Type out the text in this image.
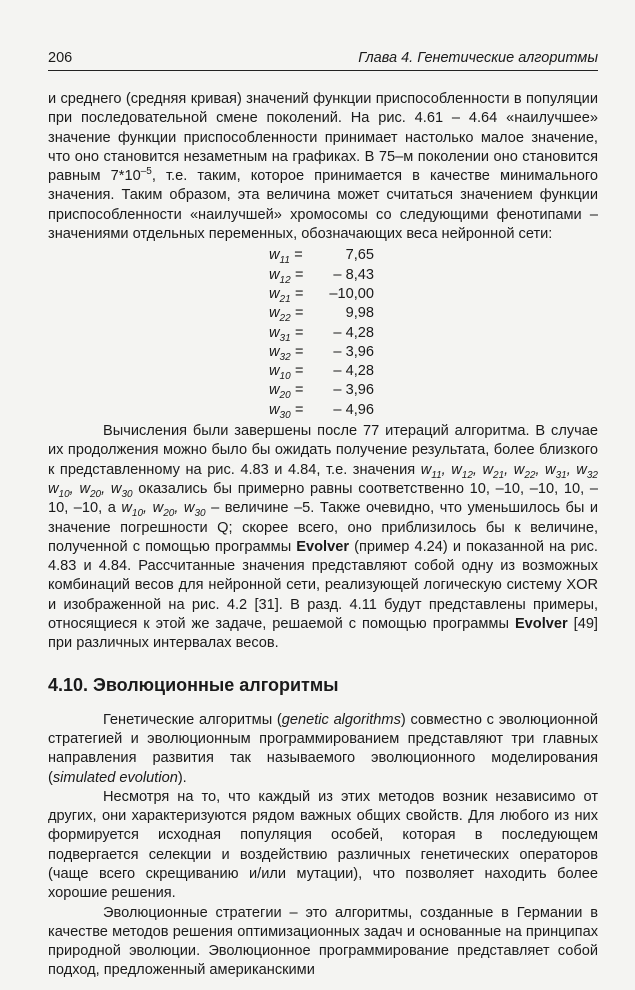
206	Глава 4. Генетические алгоритмы

и среднего (средняя кривая) значений функции приспособленности в популяции при последовательной смене поколений. На рис. 4.61 – 4.64 «наилучшее» значение функции приспособленности принимает настолько малое значение, что оно становится незаметным на графиках. В 75–м поколении оно становится равным $7*10^{-5}$, т.е. таким, которое принимается в качестве минимального значения. Таким образом, эта величина может считаться значением функции приспособленности «наилучшей» хромосомы со следующими фенотипами – значениями отдельных переменных, обозначающих веса нейронной сети:

$w_{11}$ =	7,65
$w_{12}$ =	– 8,43
$w_{21}$ =	–10,00
$w_{22}$ =	9,98
$w_{31}$ =	– 4,28
$w_{32}$ =	– 3,96
$w_{10}$ =	– 4,28
$w_{20}$ =	– 3,96
$w_{30}$ =	– 4,96

Вычисления были завершены после 77 итераций алгоритма. В случае их продолжения можно было бы ожидать получение результата, более близкого к представленному на рис. 4.83 и 4.84, т.е. значения $w_{11}$, $w_{12}$, $w_{21}$, $w_{22}$, $w_{31}$, $w_{32}$ $w_{10}$, $w_{20}$, $w_{30}$ оказались бы примерно равны соответственно 10, –10, –10, 10, –10, –10, а $w_{10}$, $w_{20}$, $w_{30}$ – величине –5. Также очевидно, что уменьшилось бы и значение погрешности Q; скорее всего, оно приблизилось бы к величине, полученной с помощью программы Evolver (пример 4.24) и показанной на рис. 4.83 и 4.84. Рассчитанные значения представляют собой одну из возможных комбинаций весов для нейронной сети, реализующей логическую систему XOR и изображенной на рис. 4.2 [31]. В разд. 4.11 будут представлены примеры, относящиеся к этой же задаче, решаемой с помощью программы Evolver [49] при различных интервалах весов.

4.10. Эволюционные алгоритмы

Генетические алгоритмы (genetic algorithms) совместно с эволюционной стратегией и эволюционным программированием представляют три главных направления развития так называемого эволюционного моделирования (simulated evolution).

Несмотря на то, что каждый из этих методов возник независимо от других, они характеризуются рядом важных общих свойств. Для любого из них формируется исходная популяция особей, которая в последующем подвергается селекции и воздействию различных генетических операторов (чаще всего скрещиванию и/или мутации), что позволяет находить более хорошие решения.

Эволюционные стратегии – это алгоритмы, созданные в Германии в качестве методов решения оптимизационных задач и основанные на принципах природной эволюции. Эволюционное программирование представляет собой подход, предложенный американскими
